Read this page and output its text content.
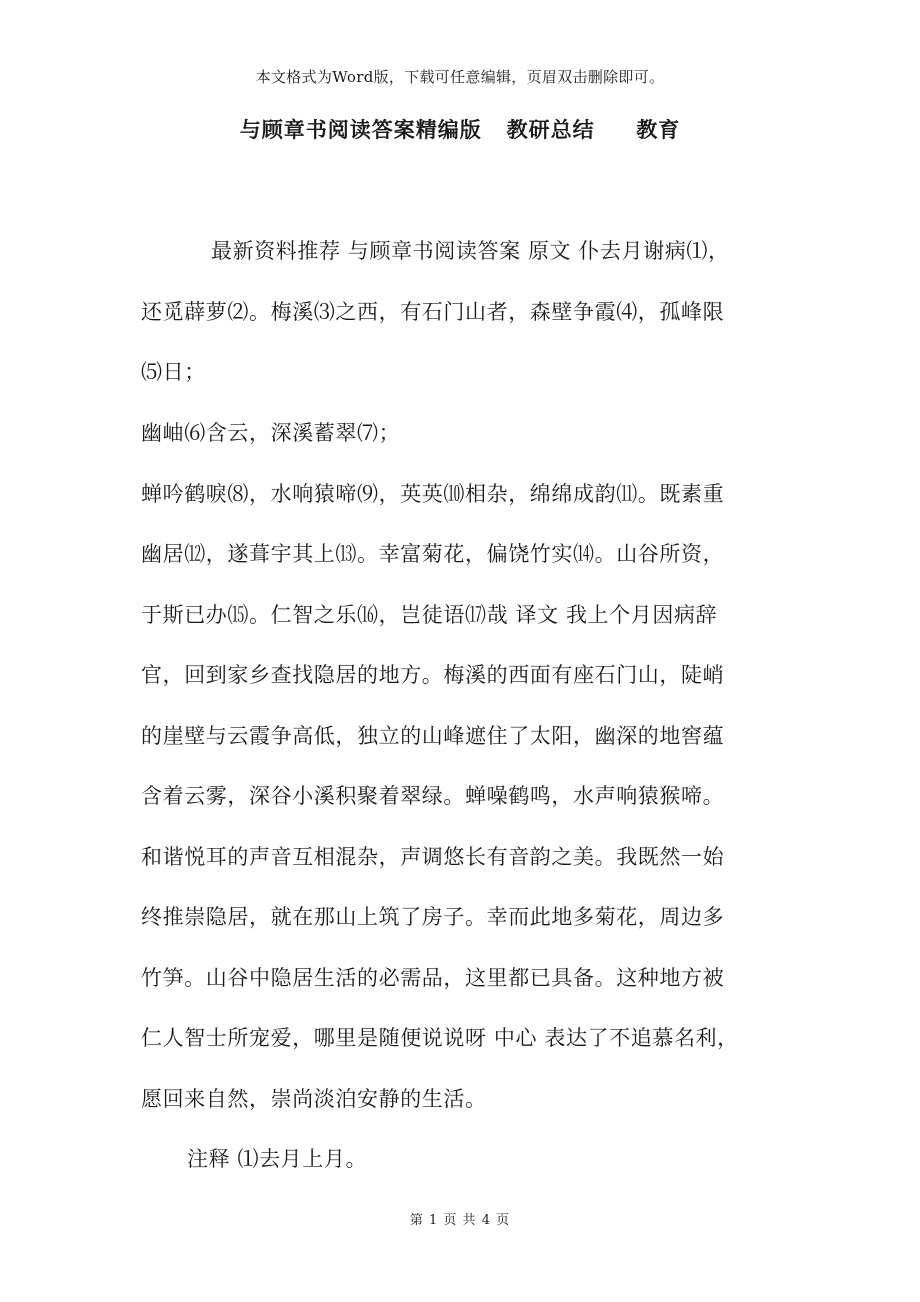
本文格式为Word版，下载可任意编辑，页眉双击删除即可。
与顾章书阅读答案精编版   教研总结     教育
最新资料推荐 与顾章书阅读答案 原文 仆去月谢病⑴，
还觅薜萝⑵。梅溪⑶之西，有石门山者，森壁争霞⑷，孤峰限
⑸日；
幽岫⑹含云，深溪蓄翠⑺；
蝉吟鹤唳⑻，水响猿啼⑼，英英⑽相杂，绵绵成韵⑾。既素重
幽居⑿，遂葺宇其上⒀。幸富菊花，偏饶竹实⒁。山谷所资，
于斯已办⒂。仁智之乐⒃，岂徒语⒄哉 译文 我上个月因病辞
官，回到家乡查找隐居的地方。梅溪的西面有座石门山，陡峭
的崖壁与云霞争高低，独立的山峰遮住了太阳，幽深的地窖蕴
含着云雾，深谷小溪积聚着翠绿。蝉噪鹤鸣，水声响猿猴啼。
和谐悦耳的声音互相混杂，声调悠长有音韵之美。我既然一始
终推崇隐居，就在那山上筑了房子。幸而此地多菊花，周边多
竹笋。山谷中隐居生活的必需品，这里都已具备。这种地方被
仁人智士所宠爱，哪里是随便说说呀 中心 表达了不追慕名利，
愿回来自然，崇尚淡泊安静的生活。
注释 ⑴去月上月。
第 1 页 共 4 页
